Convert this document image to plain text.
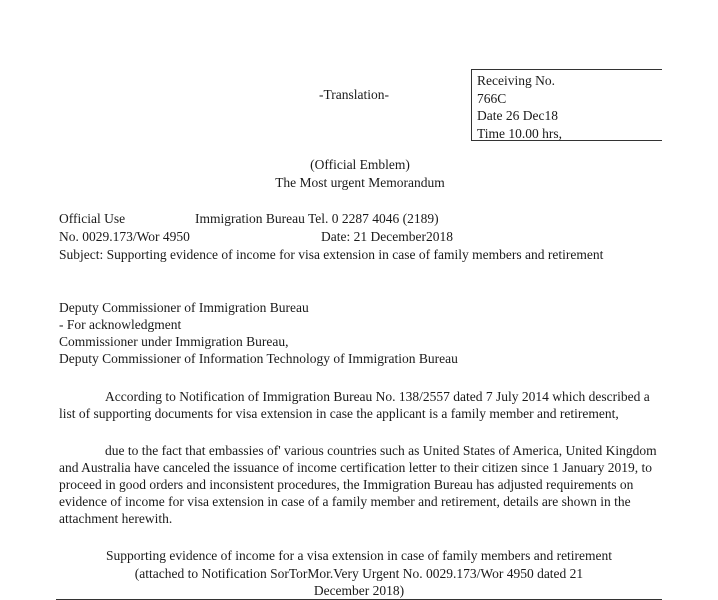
-Translation-
Receiving No.
766C
Date 26 Dec18
Time 10.00 hrs,
(Official Emblem)
The Most urgent Memorandum
Official Use	Immigration Bureau Tel. 0 2287 4046 (2189)
No. 0029.173/Wor 4950	Date: 21 December2018
Subject: Supporting evidence of income for visa extension in case of family members and retirement
Deputy Commissioner of Immigration Bureau
- For acknowledgment
Commissioner under Immigration Bureau,
Deputy Commissioner of Information Technology of Immigration Bureau
According to Notification of Immigration Bureau No. 138/2557 dated 7 July 2014 which described a list of supporting documents for visa extension in case the applicant is a family member and retirement,
due to the fact that embassies of' various countries such as United States of America, United Kingdom and Australia have canceled the issuance of income certification letter to their citizen since 1 January 2019, to proceed in good orders and inconsistent procedures, the Immigration Bureau has adjusted requirements on evidence of income for visa extension in case of a family member and retirement, details are shown in the attachment herewith.
Supporting evidence of income for a visa extension in case of family members and retirement
(attached to Notification SorTorMor.Very Urgent No. 0029.173/Wor 4950 dated 21 December 2018)
